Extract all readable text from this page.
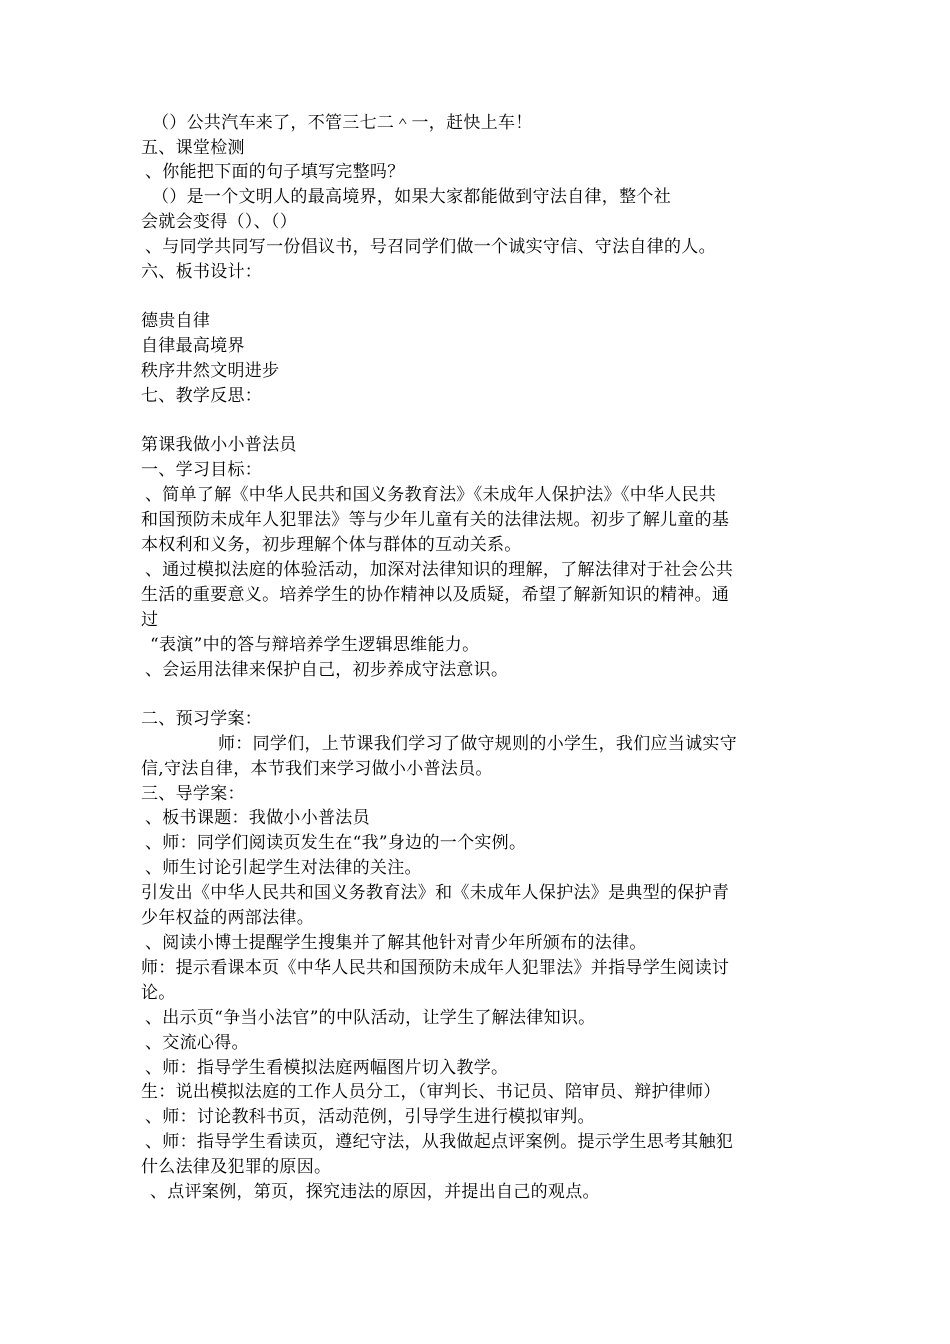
（）公共汽车来了，不管三七二＾一，赶快上车！
五、课堂检测
、你能把下面的句子填写完整吗？
（）是一个文明人的最高境界，如果大家都能做到守法自律，整个社
会就会变得（）、（）
、与同学共同写一份倡议书，号召同学们做一个诚实守信、守法自律的人。
六、板书设计：
德贵自律
自律最高境界
秩序井然文明进步
七、教学反思：
第课我做小小普法员
一、学习目标：
、简单了解《中华人民共和国义务教育法》《未成年人保护法》《中华人民共
和国预防未成年人犯罪法》等与少年儿童有关的法律法规。初步了解儿童的基
本权利和义务，初步理解个体与群体的互动关系。
、通过模拟法庭的体验活动，加深对法律知识的理解，了解法律对于社会公共
生活的重要意义。培养学生的协作精神以及质疑，希望了解新知识的精神。通
过
“表演”中的答与辩培养学生逻辑思维能力。
、会运用法律来保护自己，初步养成守法意识。
二、预习学案：
师：同学们，上节课我们学习了做守规则的小学生，我们应当诚实守
信,守法自律，本节我们来学习做小小普法员。
三、导学案：
、板书课题：我做小小普法员
、师：同学们阅读页发生在“我”身边的一个实例。
、师生讨论引起学生对法律的关注。
引发出《中华人民共和国义务教育法》和《未成年人保护法》是典型的保护青
少年权益的两部法律。
、阅读小博士提醒学生搜集并了解其他针对青少年所颁布的法律。
师：提示看课本页《中华人民共和国预防未成年人犯罪法》并指导学生阅读讨
论。
、出示页“争当小法官”的中队活动，让学生了解法律知识。
、交流心得。
、师：指导学生看模拟法庭两幅图片切入教学。
生：说出模拟法庭的工作人员分工，（审判长、书记员、陪审员、辩护律师）
、师：讨论教科书页，活动范例，引导学生进行模拟审判。
、师：指导学生看读页，遵纪守法，从我做起点评案例。提示学生思考其触犯
什么法律及犯罪的原因。
、点评案例，第页，探究违法的原因，并提出自己的观点。
